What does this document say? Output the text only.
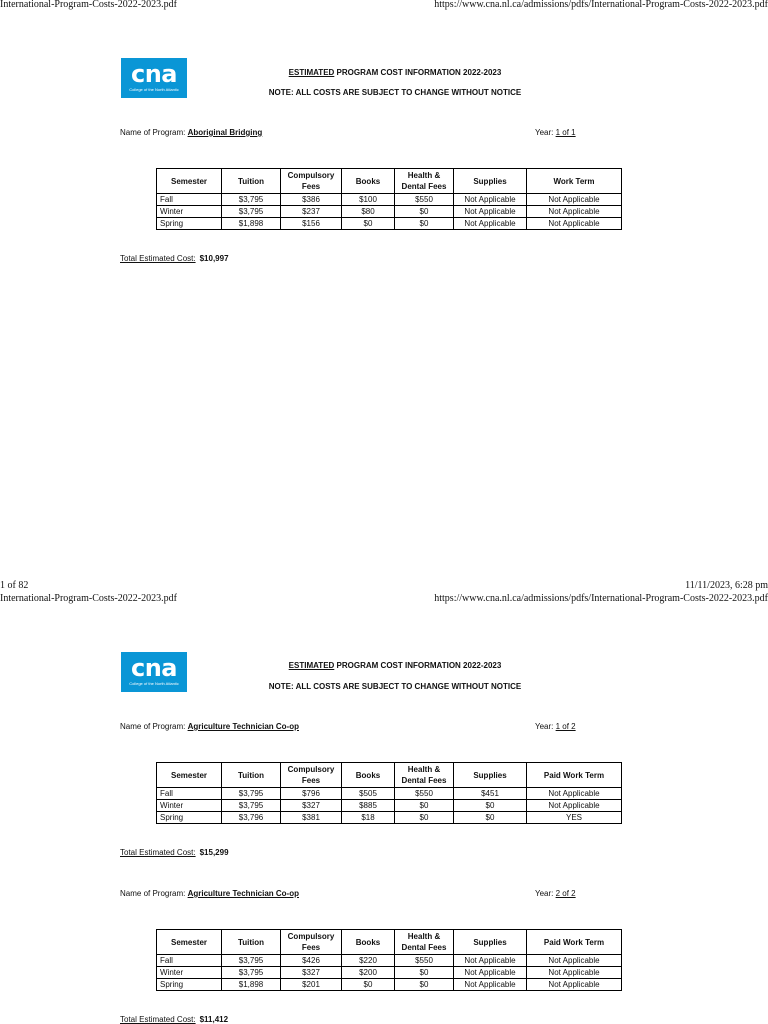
International-Program-Costs-2022-2023.pdf	https://www.cna.nl.ca/admissions/pdfs/International-Program-Costs-2022-2023.pdf
cna
College of the North Atlantic
ESTIMATED PROGRAM COST INFORMATION 2022-2023
NOTE: ALL COSTS ARE SUBJECT TO CHANGE WITHOUT NOTICE
Name of Program: Aboriginal Bridging	Year: 1 of 1
Semester	Tuition	Compulsory Fees	Books	Health & Dental Fees	Supplies	Work Term
Fall	$3,795	$386	$100	$550	Not Applicable	Not Applicable
Winter	$3,795	$237	$80	$0	Not Applicable	Not Applicable
Spring	$1,898	$156	$0	$0	Not Applicable	Not Applicable
Total Estimated Cost: $10,997
1 of 82	11/11/2023, 6:28 pm
International-Program-Costs-2022-2023.pdf	https://www.cna.nl.ca/admissions/pdfs/International-Program-Costs-2022-2023.pdf
cna
College of the North Atlantic
ESTIMATED PROGRAM COST INFORMATION 2022-2023
NOTE: ALL COSTS ARE SUBJECT TO CHANGE WITHOUT NOTICE
Name of Program: Agriculture Technician Co-op	Year: 1 of 2
Semester	Tuition	Compulsory Fees	Books	Health & Dental Fees	Supplies	Paid Work Term
Fall	$3,795	$796	$505	$550	$451	Not Applicable
Winter	$3,795	$327	$885	$0	$0	Not Applicable
Spring	$3,796	$381	$18	$0	$0	YES
Total Estimated Cost: $15,299
Name of Program: Agriculture Technician Co-op	Year: 2 of 2
Semester	Tuition	Compulsory Fees	Books	Health & Dental Fees	Supplies	Paid Work Term
Fall	$3,795	$426	$220	$550	Not Applicable	Not Applicable
Winter	$3,795	$327	$200	$0	Not Applicable	Not Applicable
Spring	$1,898	$201	$0	$0	Not Applicable	Not Applicable
Total Estimated Cost: $11,412
